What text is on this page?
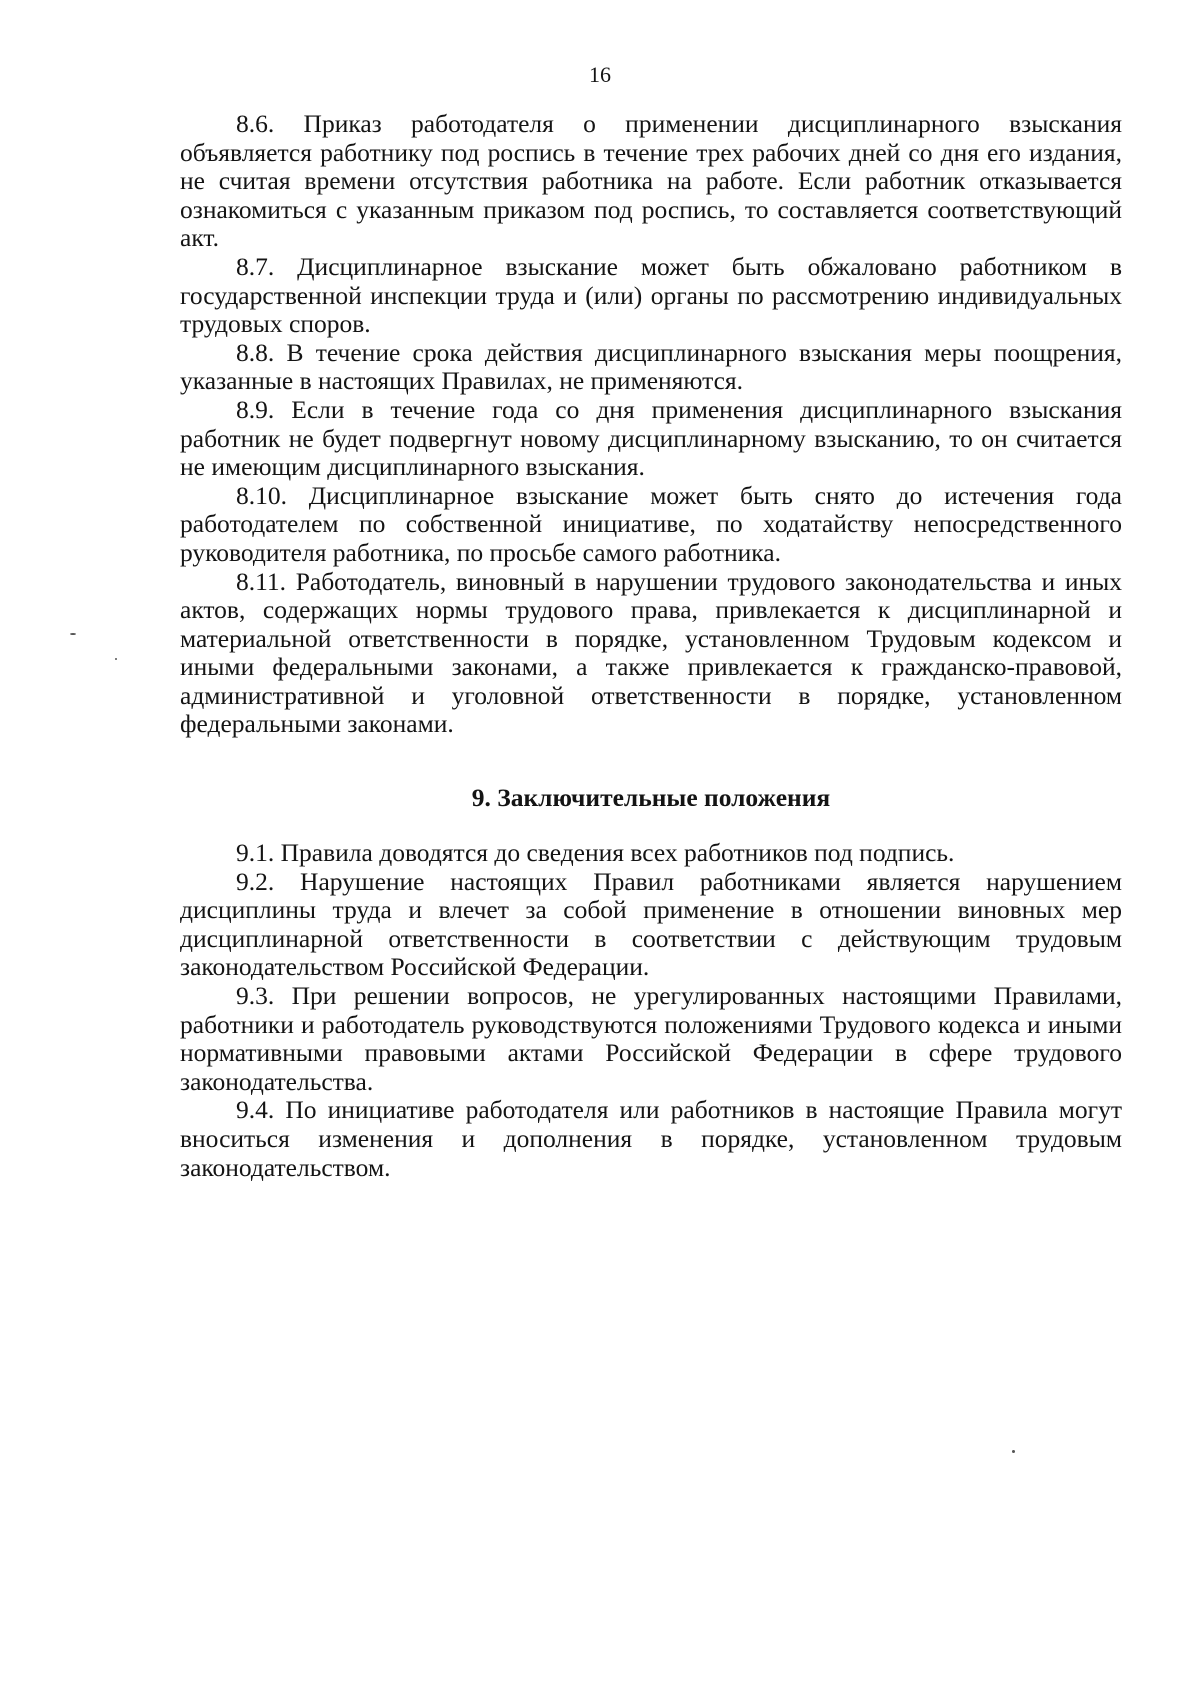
16

8.6. Приказ работодателя о применении дисциплинарного взыскания объявляется работнику под роспись в течение трех рабочих дней со дня его издания, не считая времени отсутствия работника на работе. Если работник отказывается ознакомиться с указанным приказом под роспись, то составляется соответствующий акт.

8.7. Дисциплинарное взыскание может быть обжаловано работником в государственной инспекции труда и (или) органы по рассмотрению индивидуальных трудовых споров.

8.8. В течение срока действия дисциплинарного взыскания меры поощрения, указанные в настоящих Правилах, не применяются.

8.9. Если в течение года со дня применения дисциплинарного взыскания работник не будет подвергнут новому дисциплинарному взысканию, то он считается не имеющим дисциплинарного взыскания.

8.10. Дисциплинарное взыскание может быть снято до истечения года работодателем по собственной инициативе, по ходатайству непосредственного руководителя работника, по просьбе самого работника.

8.11. Работодатель, виновный в нарушении трудового законодательства и иных актов, содержащих нормы трудового права, привлекается к дисциплинарной и материальной ответственности в порядке, установленном Трудовым кодексом и иными федеральными законами, а также привлекается к гражданско-правовой, административной и уголовной ответственности в порядке, установленном федеральными законами.

9. Заключительные положения

9.1. Правила доводятся до сведения всех работников под подпись.

9.2. Нарушение настоящих Правил работниками является нарушением дисциплины труда и влечет за собой применение в отношении виновных мер дисциплинарной ответственности в соответствии с действующим трудовым законодательством Российской Федерации.

9.3. При решении вопросов, не урегулированных настоящими Правилами, работники и работодатель руководствуются положениями Трудового кодекса и иными нормативными правовыми актами Российской Федерации в сфере трудового законодательства.

9.4. По инициативе работодателя или работников в настоящие Правила могут вноситься изменения и дополнения в порядке, установленном трудовым законодательством.
